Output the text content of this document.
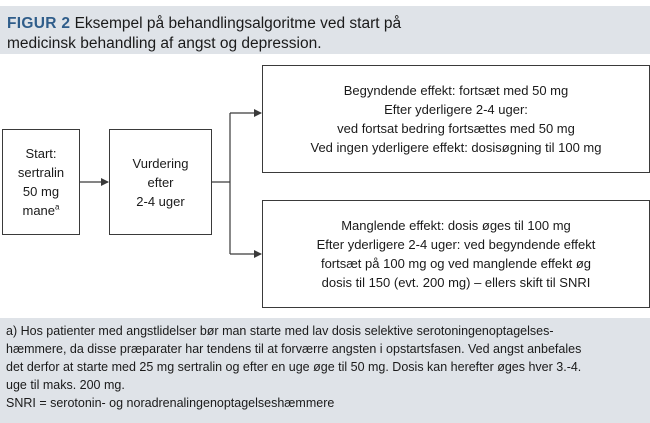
FIGUR 2 Eksempel på behandlingsalgoritme ved start på
medicinsk behandling af angst og depression.
Start:
sertralin
50 mg
mane$^a$
Vurdering
efter
2-4 uger
Begyndende effekt: fortsæt med 50 mg
Efter yderligere 2-4 uger:
ved fortsat bedring fortsættes med 50 mg
Ved ingen yderligere effekt: dosisøgning til 100 mg
Manglende effekt: dosis øges til 100 mg
Efter yderligere 2-4 uger: ved begyndende effekt
fortsæt på 100 mg og ved manglende effekt øg
dosis til 150 (evt. 200 mg) – ellers skift til SNRI
a) Hos patienter med angstlidelser bør man starte med lav dosis selektive serotoningenoptagelses-
hæmmere, da disse præparater har tendens til at forværre angsten i opstartsfasen. Ved angst anbefales
det derfor at starte med 25 mg sertralin og efter en uge øge til 50 mg. Dosis kan herefter øges hver 3.-4.
uge til maks. 200 mg.
SNRI = serotonin- og noradrenalingenoptagelseshæmmere
